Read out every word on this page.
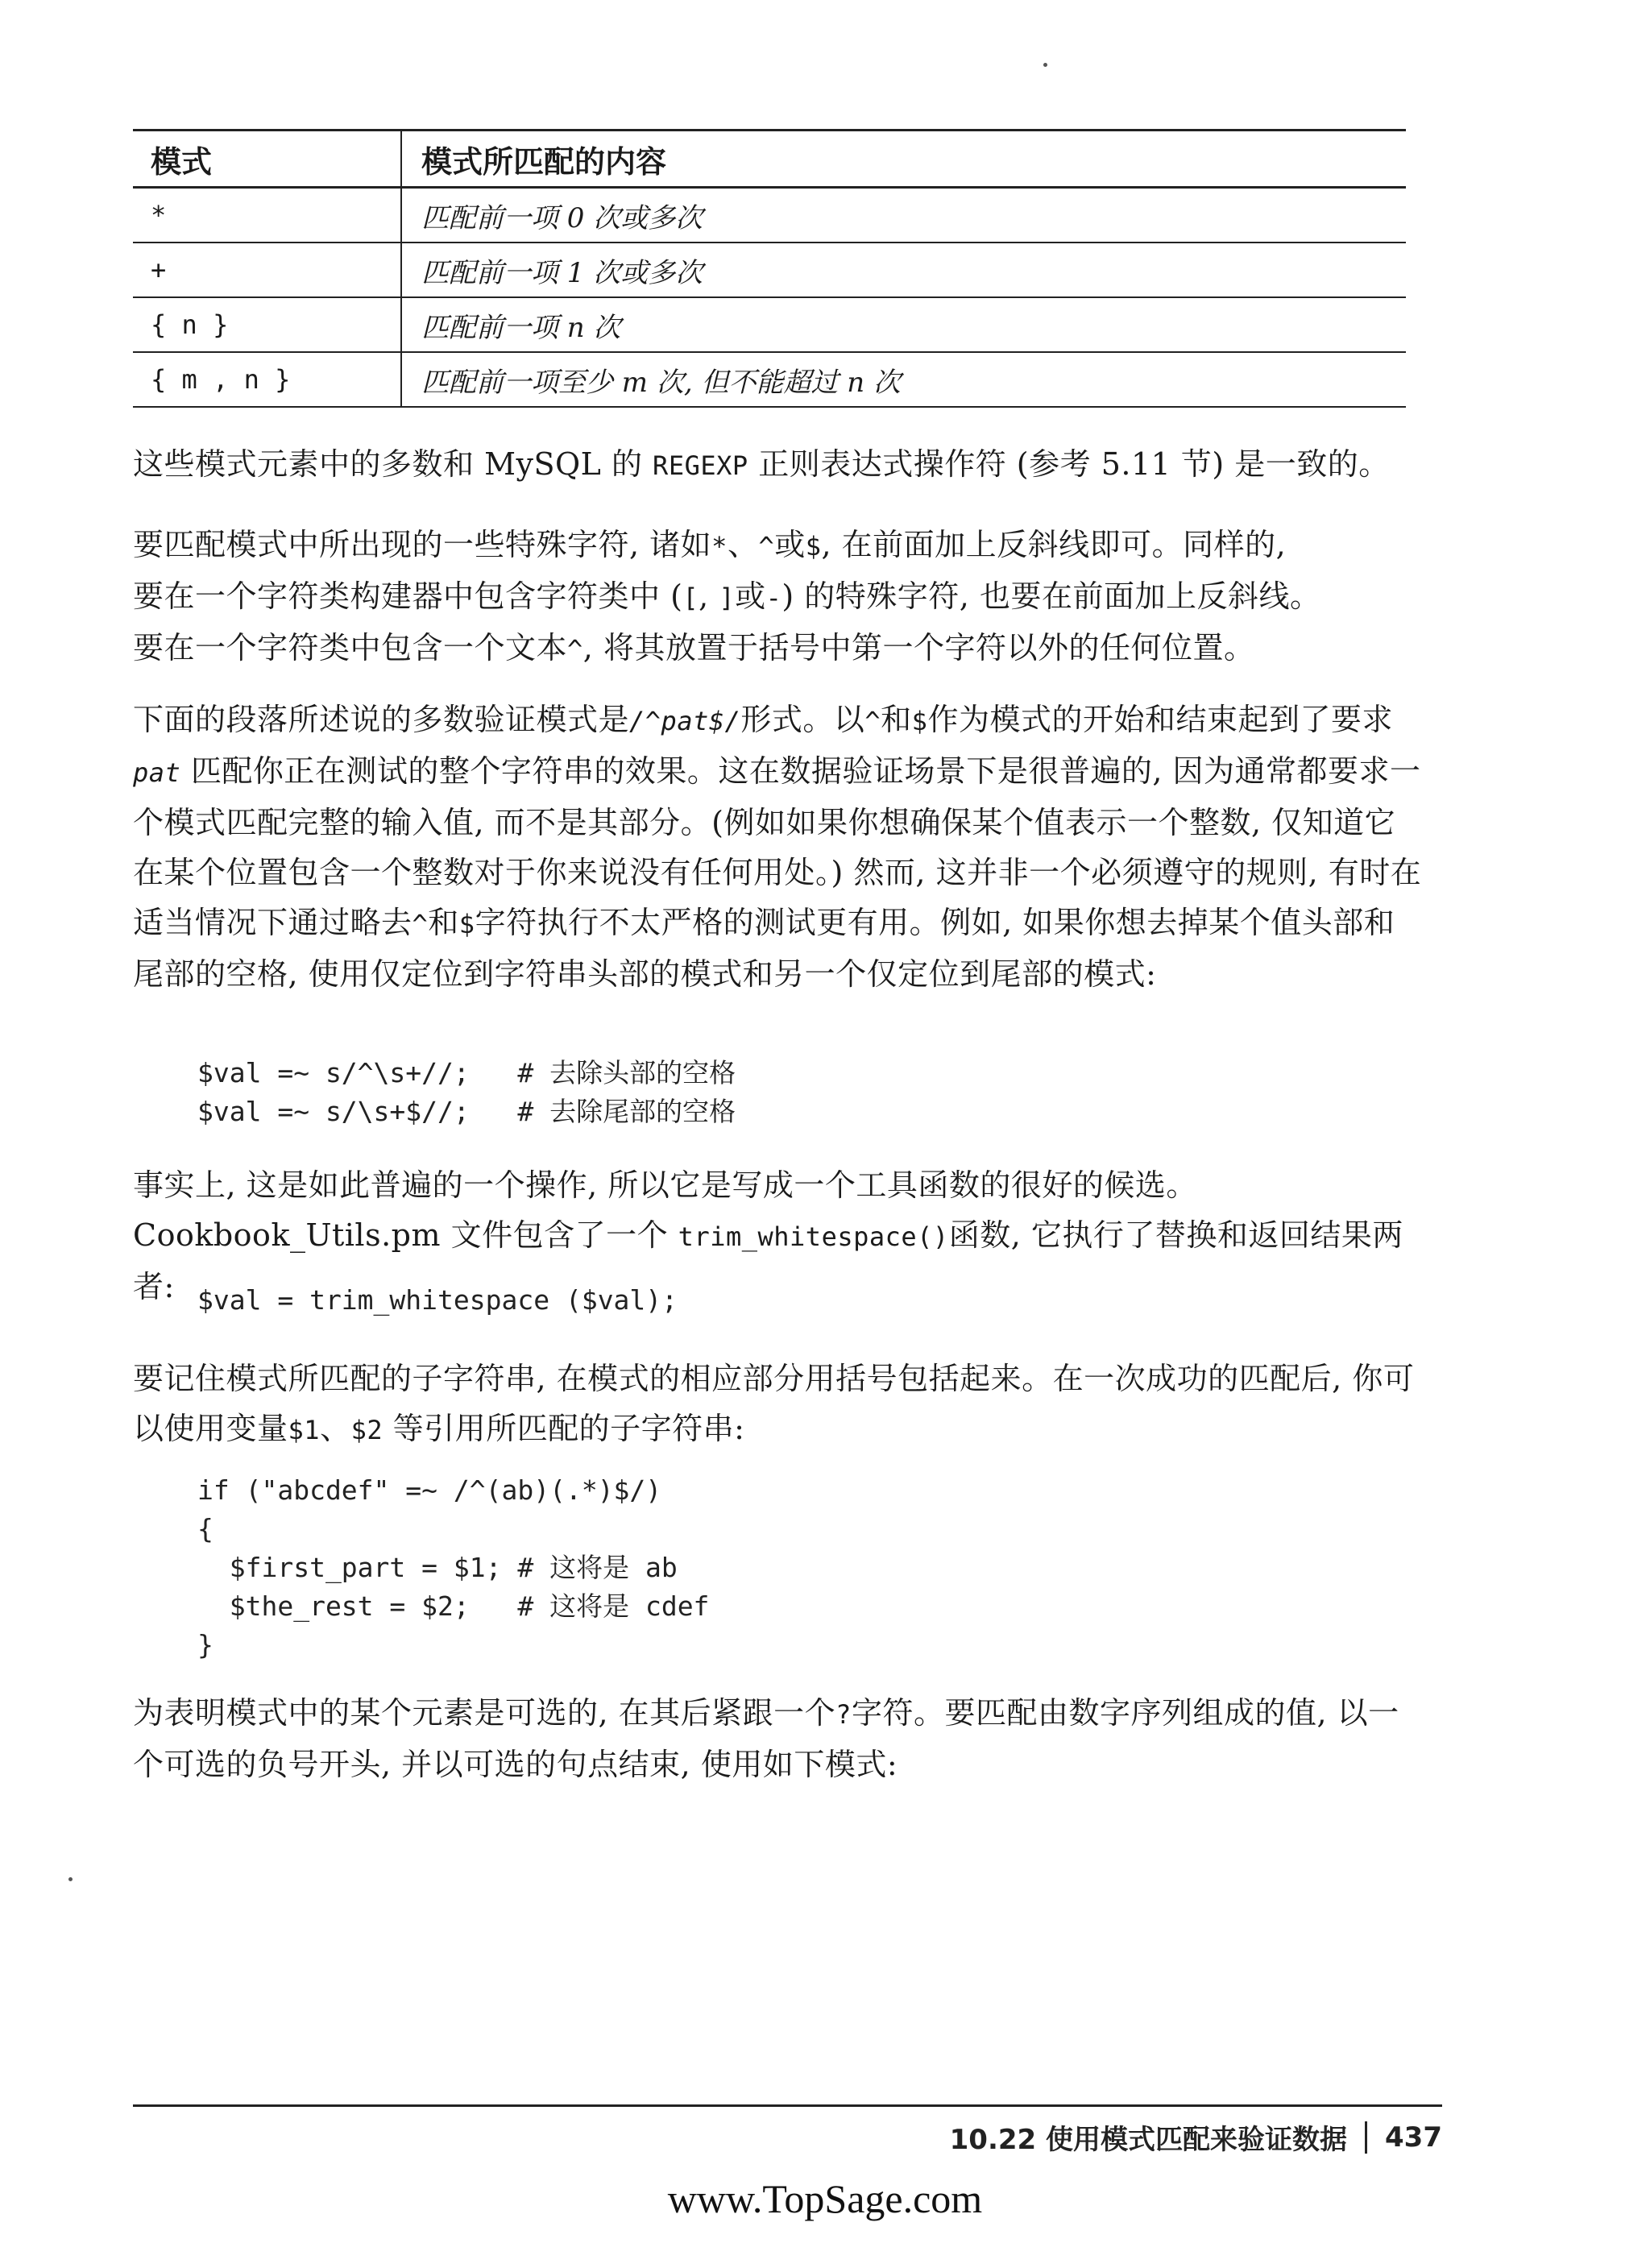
模式	模式所匹配的内容
*	匹配前一项 0 次或多次
+	匹配前一项 1 次或多次
{ n }	匹配前一项 n 次
{ m , n }	匹配前一项至少 m 次, 但不能超过 n 次

这些模式元素中的多数和 MySQL 的 REGEXP 正则表达式操作符 (参考 5.11 节) 是一致的。

要匹配模式中所出现的一些特殊字符, 诸如*、^或$, 在前面加上反斜线即可。同样的,
要在一个字符类构建器中包含字符类中 ([, ]或-) 的特殊字符, 也要在前面加上反斜线。
要在一个字符类中包含一个文本^, 将其放置于括号中第一个字符以外的任何位置。

下面的段落所述说的多数验证模式是/^pat$/形式。以^和$作为模式的开始和结束起到了要求 pat 匹配你正在测试的整个字符串的效果。这在数据验证场景下是很普遍的, 因为通常都要求一个模式匹配完整的输入值, 而不是其部分。(例如如果你想确保某个值表示一个整数, 仅知道它在某个位置包含一个整数对于你来说没有任何用处。) 然而, 这并非一个必须遵守的规则, 有时在适当情况下通过略去^和$字符执行不太严格的测试更有用。例如, 如果你想去掉某个值头部和尾部的空格, 使用仅定位到字符串头部的模式和另一个仅定位到尾部的模式:

$val =~ s/^\s+//;   # 去除头部的空格
$val =~ s/\s+$//;   # 去除尾部的空格

事实上, 这是如此普遍的一个操作, 所以它是写成一个工具函数的很好的候选。Cookbook_Utils.pm 文件包含了一个 trim_whitespace()函数, 它执行了替换和返回结果两者: $val = trim_whitespace ($val);

要记住模式所匹配的子字符串, 在模式的相应部分用括号包括起来。在一次成功的匹配后, 你可以使用变量$1、$2 等引用所匹配的子字符串:

if ("abcdef" =~ /^(ab)(.*)$/)
{
$first_part = $1; # 这将是 ab
$the_rest = $2;   # 这将是 cdef
}

为表明模式中的某个元素是可选的, 在其后紧跟一个?字符。要匹配由数字序列组成的值, 以一个可选的负号开头, 并以可选的句点结束, 使用如下模式:

10.22 使用模式匹配来验证数据 437
www.TopSage.com
